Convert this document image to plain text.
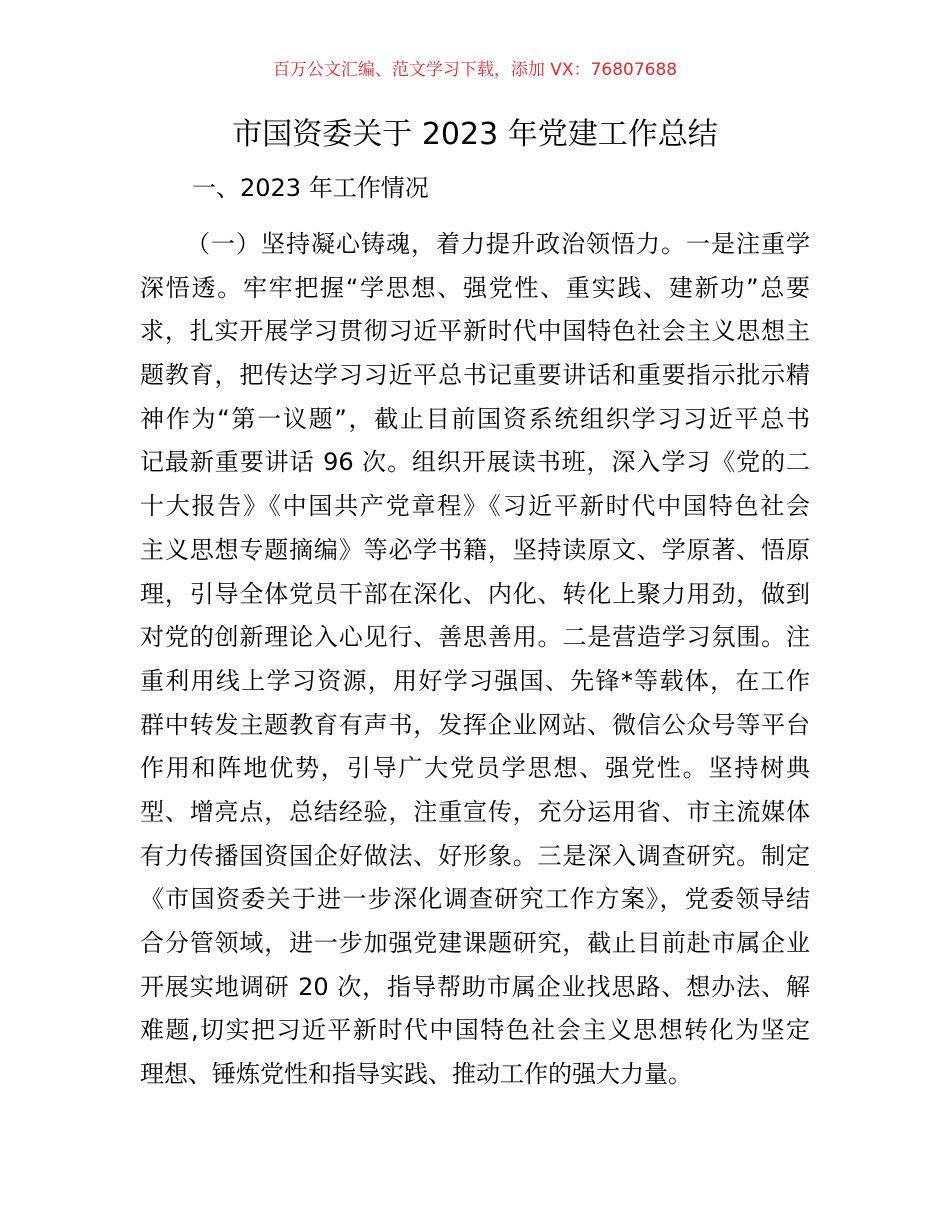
百万公文汇编、范文学习下载，添加 VX：76807688
市国资委关于 2023 年党建工作总结
一、2023 年工作情况
（一）坚持凝心铸魂，着力提升政治领悟力。一是注重学
深悟透。牢牢把握“学思想、强党性、重实践、建新功”总要
求，扎实开展学习贯彻习近平新时代中国特色社会主义思想主
题教育，把传达学习习近平总书记重要讲话和重要指示批示精
神作为“第一议题”，截止目前国资系统组织学习习近平总书
记最新重要讲话 96 次。组织开展读书班，深入学习《党的二
十大报告》《中国共产党章程》《习近平新时代中国特色社会
主义思想专题摘编》等必学书籍，坚持读原文、学原著、悟原
理，引导全体党员干部在深化、内化、转化上聚力用劲，做到
对党的创新理论入心见行、善思善用。二是营造学习氛围。注
重利用线上学习资源，用好学习强国、先锋*等载体，在工作
群中转发主题教育有声书，发挥企业网站、微信公众号等平台
作用和阵地优势，引导广大党员学思想、强党性。坚持树典
型、增亮点，总结经验，注重宣传，充分运用省、市主流媒体
有力传播国资国企好做法、好形象。三是深入调查研究。制定
《市国资委关于进一步深化调查研究工作方案》，党委领导结
合分管领域，进一步加强党建课题研究，截止目前赴市属企业
开展实地调研 20 次，指导帮助市属企业找思路、想办法、解
难题,切实把习近平新时代中国特色社会主义思想转化为坚定
理想、锤炼党性和指导实践、推动工作的强大力量。
